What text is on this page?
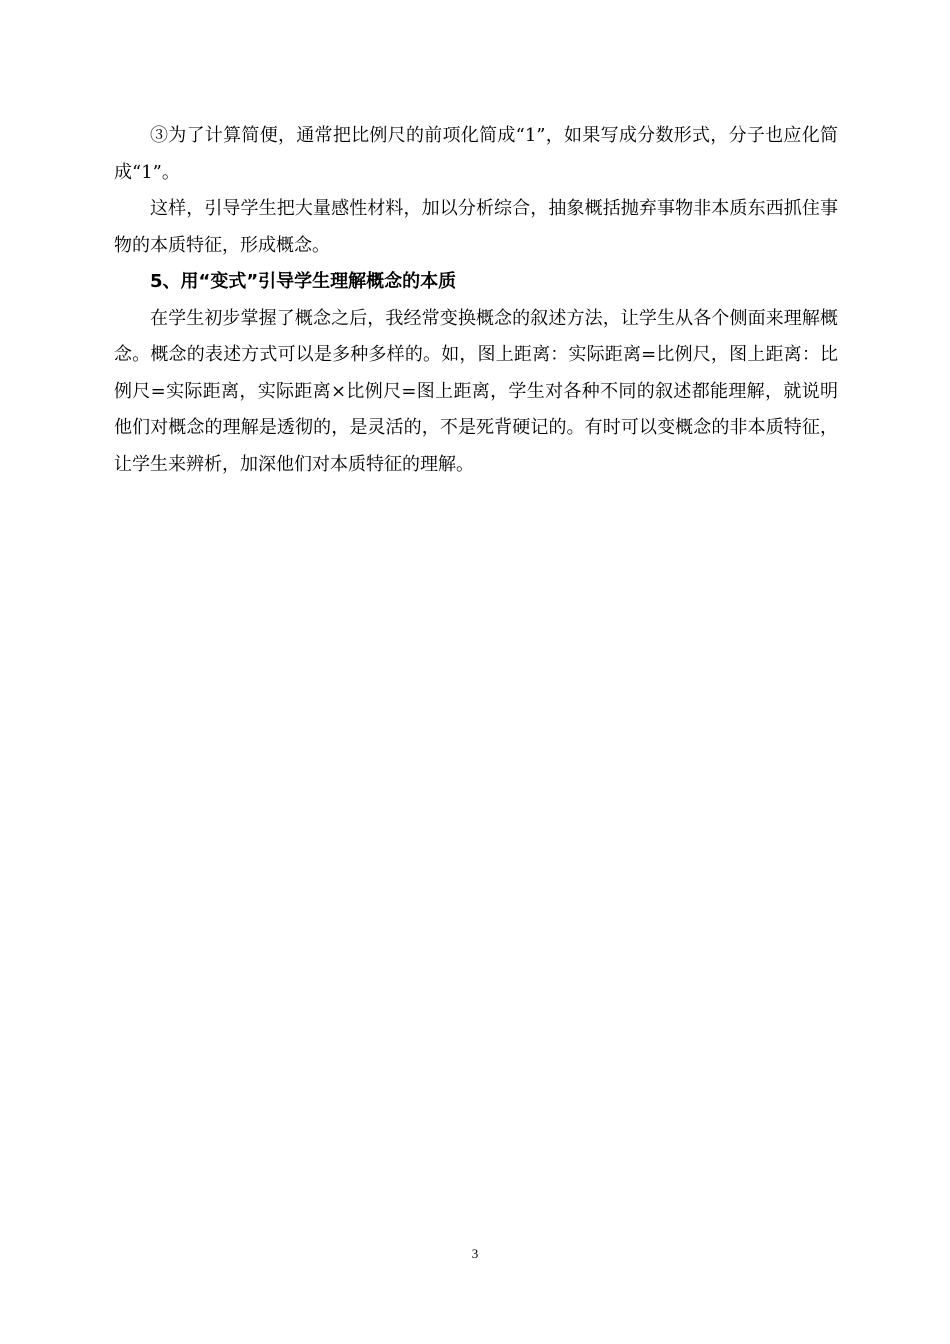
③为了计算简便，通常把比例尺的前项化简成“1”，如果写成分数形式，分子也应化简成“1”。

这样，引导学生把大量感性材料，加以分析综合，抽象概括抛弃事物非本质东西抓住事物的本质特征，形成概念。

5、用“变式”引导学生理解概念的本质

在学生初步掌握了概念之后，我经常变换概念的叙述方法，让学生从各个侧面来理解概念。概念的表述方式可以是多种多样的。如，图上距离：实际距离=比例尺，图上距离：比例尺=实际距离，实际距离×比例尺=图上距离，学生对各种不同的叙述都能理解，就说明他们对概念的理解是透彻的，是灵活的，不是死背硬记的。有时可以变概念的非本质特征，让学生来辨析，加深他们对本质特征的理解。

3
